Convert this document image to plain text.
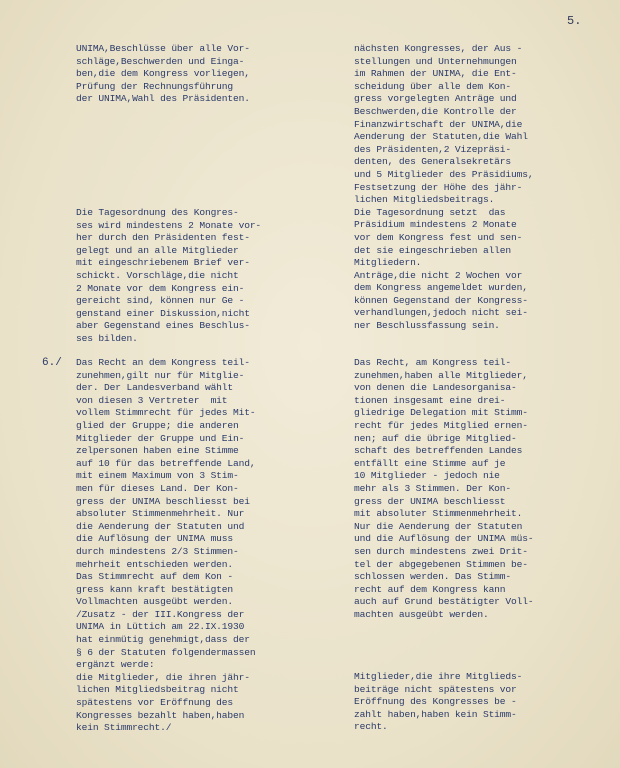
5.
6./
UNIMA,Beschlüsse über alle Vor-
schläge,Beschwerden und Einga-
ben,die dem Kongress vorliegen,
Prüfung der Rechnungsführung
der UNIMA,Wahl des Präsidenten.
Die Tagesordnung des Kongres-
ses wird mindestens 2 Monate vor-
her durch den Präsidenten fest-
gelegt und an alle Mitglieder
mit eingeschriebenem Brief ver-
schickt. Vorschläge,die nicht
2 Monate vor dem Kongress ein-
gereicht sind, können nur Ge -
genstand einer Diskussion,nicht
aber Gegenstand eines Beschlus-
ses bilden.
Das Recht an dem Kongress teil-
zunehmen,gilt nur für Mitglie-
der. Der Landesverband wählt
von diesen 3 Vertreter  mit
vollem Stimmrecht für jedes Mit-
glied der Gruppe; die anderen
Mitglieder der Gruppe und Ein-
zelpersonen haben eine Stimme
auf 10 für das betreffende Land,
mit einem Maximum von 3 Stim-
men für dieses Land. Der Kon-
gress der UNIMA beschliesst bei
absoluter Stimmenmehrheit. Nur
die Aenderung der Statuten und
die Auflösung der UNIMA muss
durch mindestens 2/3 Stimmen-
mehrheit entschieden werden.
Das Stimmrecht auf dem Kon -
gress kann kraft bestätigten
Vollmachten ausgeübt werden.
/Zusatz - der III.Kongress der
UNIMA in Lüttich am 22.IX.1930
hat einmütig genehmigt,dass der
§ 6 der Statuten folgendermassen
ergänzt werde:
die Mitglieder, die ihren jähr-
lichen Mitgliedsbeitrag nicht
spätestens vor Eröffnung des
Kongresses bezahlt haben,haben
kein Stimmrecht./
nächsten Kongresses, der Aus -
stellungen und Unternehmungen
im Rahmen der UNIMA, die Ent-
scheidung über alle dem Kon-
gress vorgelegten Anträge und
Beschwerden,die Kontrolle der
Finanzwirtschaft der UNIMA,die
Aenderung der Statuten,die Wahl
des Präsidenten,2 Vizepräsi-
denten, des Generalsekretärs
und 5 Mitglieder des Präsidiums,
Festsetzung der Höhe des jähr-
lichen Mitgliedsbeitrags.
Die Tagesordnung setzt  das
Präsidium mindestens 2 Monate
vor dem Kongress fest und sen-
det sie eingeschrieben allen
Mitgliedern.
Anträge,die nicht 2 Wochen vor
dem Kongress angemeldet wurden,
können Gegenstand der Kongress-
verhandlungen,jedoch nicht sei-
ner Beschlussfassung sein.
Das Recht, am Kongress teil-
zunehmen,haben alle Mitglieder,
von denen die Landesorganisa-
tionen insgesamt eine drei-
gliedrige Delegation mit Stimm-
recht für jedes Mitglied ernen-
nen; auf die übrige Mitglied-
schaft des betreffenden Landes
entfällt eine Stimme auf je
10 Mitglieder - jedoch nie
mehr als 3 Stimmen. Der Kon-
gress der UNIMA beschliesst
mit absoluter Stimmenmehrheit.
Nur die Aenderung der Statuten
und die Auflösung der UNIMA müs-
sen durch mindestens zwei Drit-
tel der abgegebenen Stimmen be-
schlossen werden. Das Stimm-
recht auf dem Kongress kann
auch auf Grund bestätigter Voll-
machten ausgeübt werden.
Mitglieder,die ihre Mitglieds-
beiträge nicht spätestens vor
Eröffnung des Kongresses be -
zahlt haben,haben kein Stimm-
recht.
